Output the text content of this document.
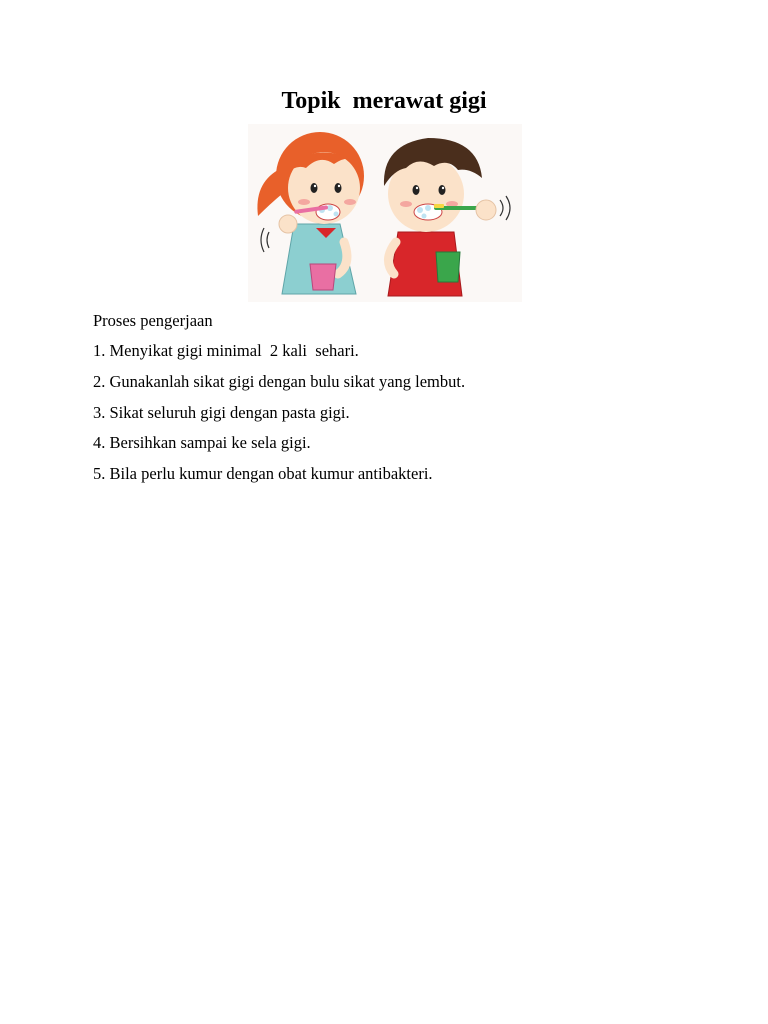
Topik  merawat gigi

Proses pengerjaan

1. Menyikat gigi minimal  2 kali  sehari.
2. Gunakanlah sikat gigi dengan bulu sikat yang lembut.
3. Sikat seluruh gigi dengan pasta gigi.
4. Bersihkan sampai ke sela gigi.
5. Bila perlu kumur dengan obat kumur antibakteri.
